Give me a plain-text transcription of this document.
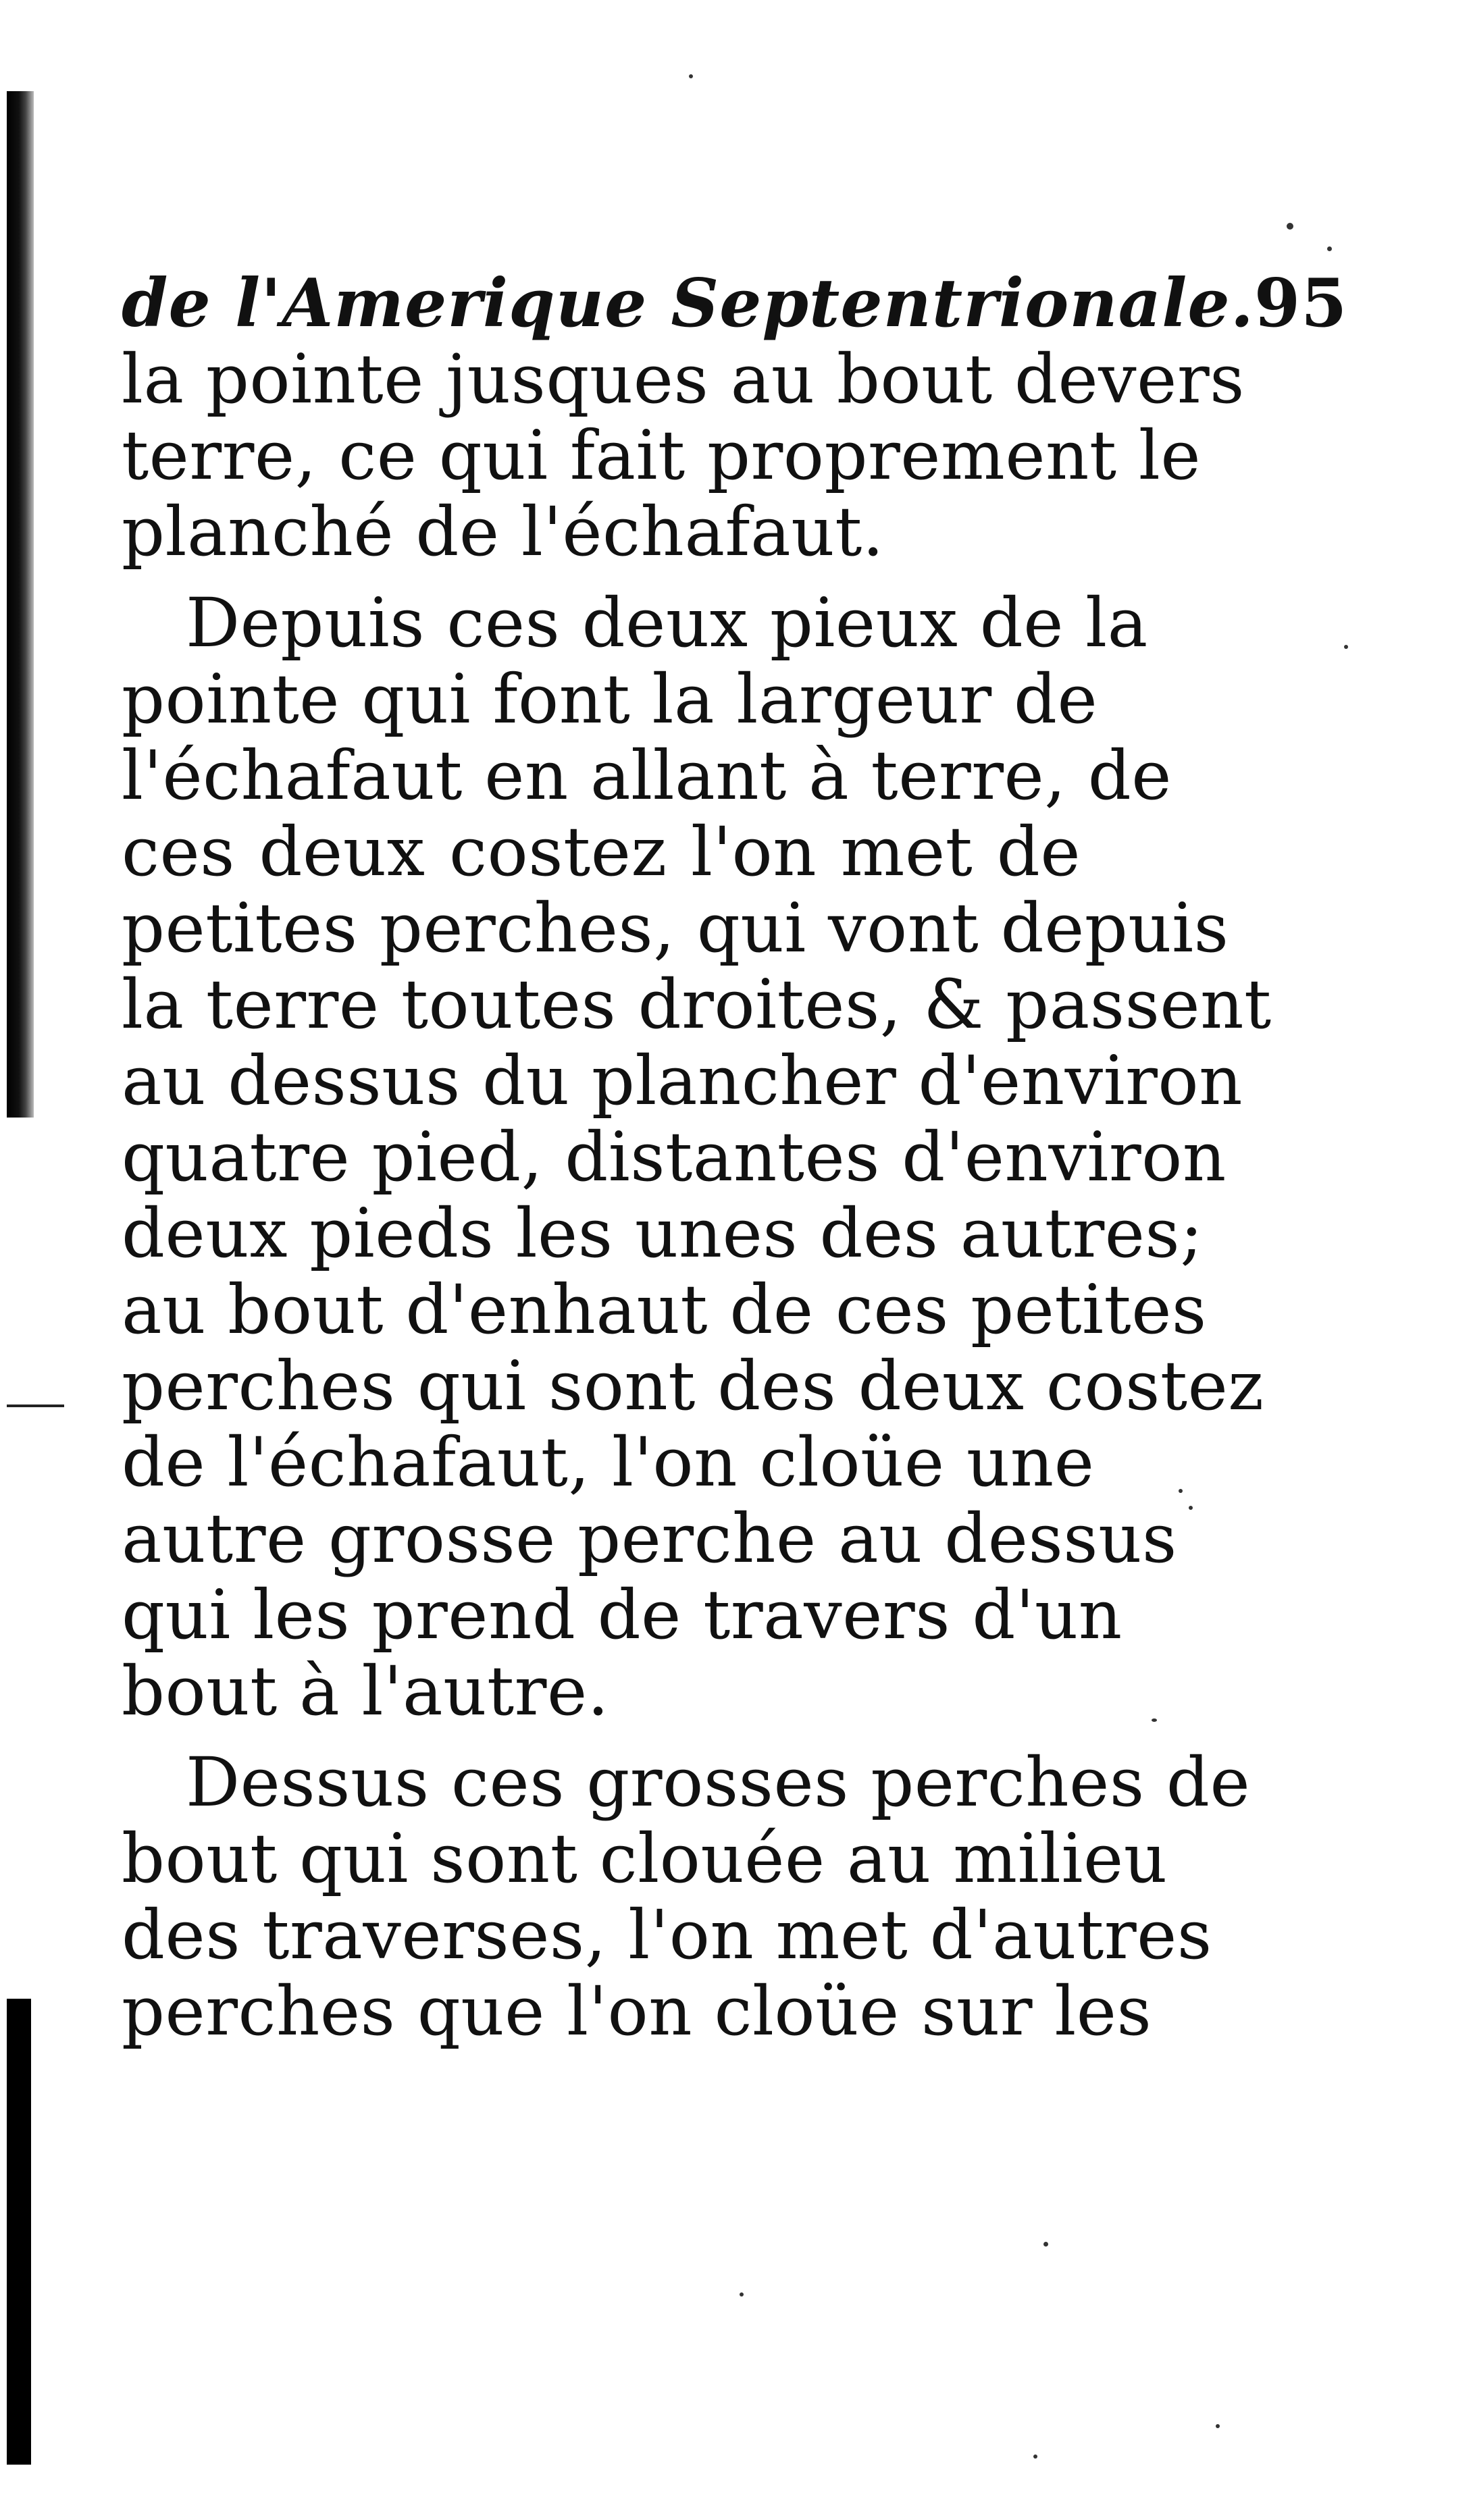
de l'Amerique Septentrionale. 95
la pointe jusques au bout devers
terre, ce qui fait proprement le
planché de l'échafaut.
Depuis ces deux pieux de la
pointe qui font la largeur de
l'échafaut en allant à terre, de
ces deux costez l'on met de
petites perches, qui vont depuis
la terre toutes droites, & passent
au dessus du plancher d'environ
quatre pied, distantes d'environ
deux pieds les unes des autres;
au bout d'enhaut de ces petites
perches qui sont des deux costez
de l'échafaut, l'on cloüe une
autre grosse perche au dessus
qui les prend de travers d'un
bout à l'autre.
Dessus ces grosses perches de
bout qui sont clouée au milieu
des traverses, l'on met d'autres
perches que l'on cloüe sur les
